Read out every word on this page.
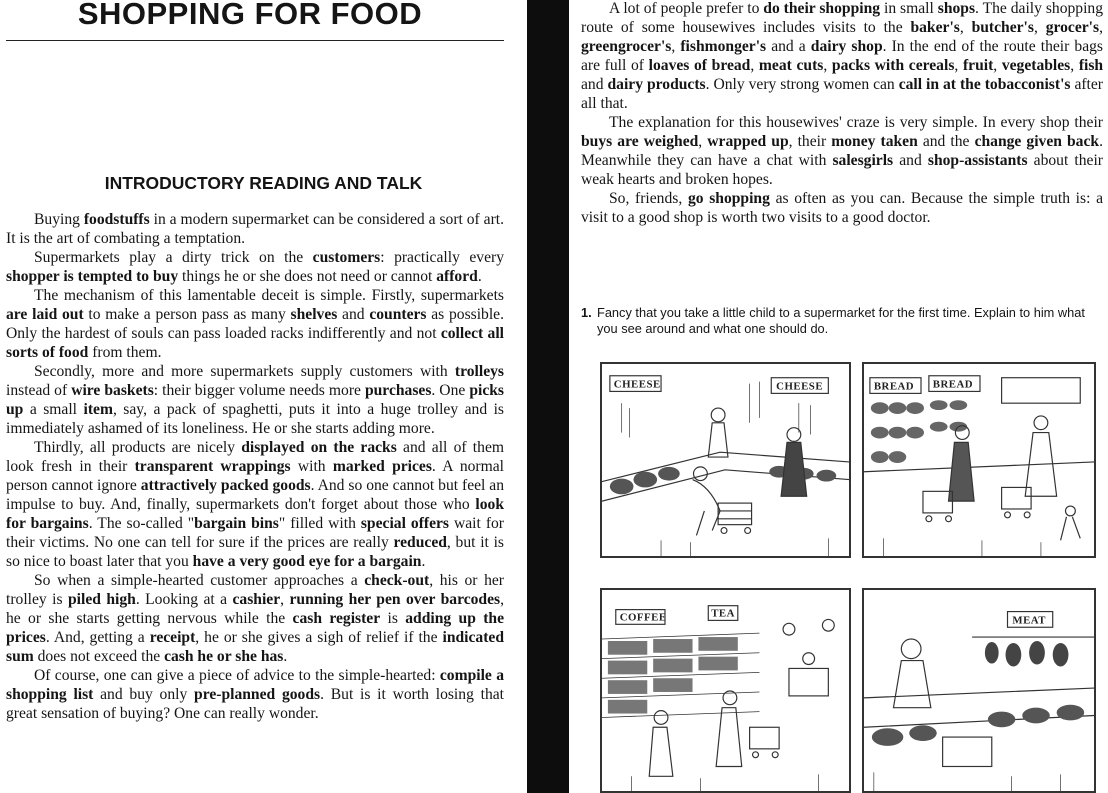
SHOPPING FOR FOOD
INTRODUCTORY READING AND TALK

Buying foodstuffs in a modern supermarket can be considered a sort of art. It is the art of combating a temptation.

Supermarkets play a dirty trick on the customers: practically every shopper is tempted to buy things he or she does not need or cannot afford.

The mechanism of this lamentable deceit is simple. Firstly, supermarkets are laid out to make a person pass as many shelves and counters as possible. Only the hardest of souls can pass loaded racks indifferently and not collect all sorts of food from them.

Secondly, more and more supermarkets supply customers with trolleys instead of wire baskets: their bigger volume needs more purchases. One picks up a small item, say, a pack of spaghetti, puts it into a huge trolley and is immediately ashamed of its loneliness. He or she starts adding more.

Thirdly, all products are nicely displayed on the racks and all of them look fresh in their transparent wrappings with marked prices. A normal person cannot ignore attractively packed goods. And so one cannot but feel an impulse to buy. And, finally, supermarkets don't forget about those who look for bargains. The so-called "bargain bins" filled with special offers wait for their victims. No one can tell for sure if the prices are really reduced, but it is so nice to boast later that you have a very good eye for a bargain.

So when a simple-hearted customer approaches a check-out, his or her trolley is piled high. Looking at a cashier, running her pen over barcodes, he or she starts getting nervous while the cash register is adding up the prices. And, getting a receipt, he or she gives a sigh of relief if the indicated sum does not exceed the cash he or she has.

Of course, one can give a piece of advice to the simple-hearted: compile a shopping list and buy only pre-planned goods. But is it worth losing that great sensation of buying? One can really wonder.

A lot of people prefer to do their shopping in small shops. The daily shopping route of some housewives includes visits to the baker's, butcher's, grocer's, greengrocer's, fishmonger's and a dairy shop. In the end of the route their bags are full of loaves of bread, meat cuts, packs with cereals, fruit, vegetables, fish and dairy products. Only very strong women can call in at the tobacconist's after all that.

The explanation for this housewives' craze is very simple. In every shop their buys are weighed, wrapped up, their money taken and the change given back. Meanwhile they can have a chat with salesgirls and shop-assistants about their weak hearts and broken hopes.

So, friends, go shopping as often as you can. Because the simple truth is: a visit to a good shop is worth two visits to a good doctor.

1. Fancy that you take a little child to a supermarket for the first time. Explain to him what you see around and what one should do.
CHEESE	CHEESE	BREAD BREAD
COFFEE	TEA
MEAT
